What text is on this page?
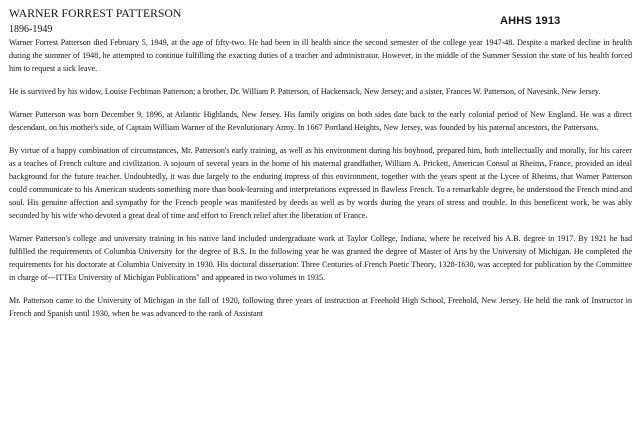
WARNER FORREST PATTERSON
1896-1949
AHHS 1913

Warner Forrest Patterson died February 5, 1949, at the age of fifty-two. He had been in ill health since the second semester of the college year 1947-48. Despite a marked decline in health during the summer of 1948, he attempted to continue fulfilling the exacting duties of a teacher and administrator. However, in the middle of the Summer Session the state of his health forced him to request a sick leave.

He is survived by his widow, Louise Fechtman Patterson; a brother, Dr. William P. Patterson, of Hackensack, New Jersey; and a sister, Frances W. Patterson, of Navesink, New Jersey.

Warner Patterson was born December 9, 1896, at Atlantic Highlands, New Jersey. His family origins on both sides date back to the early colonial period of New England. He was a direct descendant, on his mother's side, of Captain William Warner of the Revolutionary Army. In 1667 Portland Heights, New Jersey, was founded by his paternal ancestors, the Pattersons.

By virtue of a happy combination of circumstances, Mr. Patterson's early training, as well as his environment during his boyhood, prepared him, both intellectually and morally, for his career as a teaches of French culture and civilization. A sojourn of several years in the home of his maternal grandfather, William A. Prickett, American Consul at Rheims, France, provided an ideal background for the future teacher. Undoubtedly, it was due largely to the enduring impress of this environment, together with the years spent at the Lycee of Rheims, that Warner Patterson could communicate to his American students something more than book-learning and interpretations expressed in flawless French. To a remarkable degree, he understood the French mind and soul. His genuine affection and sympathy for the French people was manifested by deeds as well as by words during the years of stress and trouble. In this beneficent work, he was ably seconded by his wife who devoted a great deal of time and effort to French relief after the liberation of France.

Warner Patterson's college and university training in his native land included undergraduate work at Taylor College, Indiana, where he received his A.B. degree in 1917. By 1921 he had fulfilled the requirements of Columbia University for the degree of B.S. In the following year he was granted the degree of Master of Arts by the University of Michigan. He completed the requirements for his doctorate at Columbia University in 1930. His doctoral dissertation: Three Centuries of French Poetic Theory, 1328-1630, was accepted for publication by the Committee in charge of---ITTEs University of Michigan Publications" and appeared in two volumes in 1935.

Mr. Patterson came to the University of Michigan in the fall of 1920, following three years of instruction at Freehold High School, Freehold, New Jersey. He held the rank of Instructor in French and Spanish until 1930, when he was advanced to the rank of Assistant
